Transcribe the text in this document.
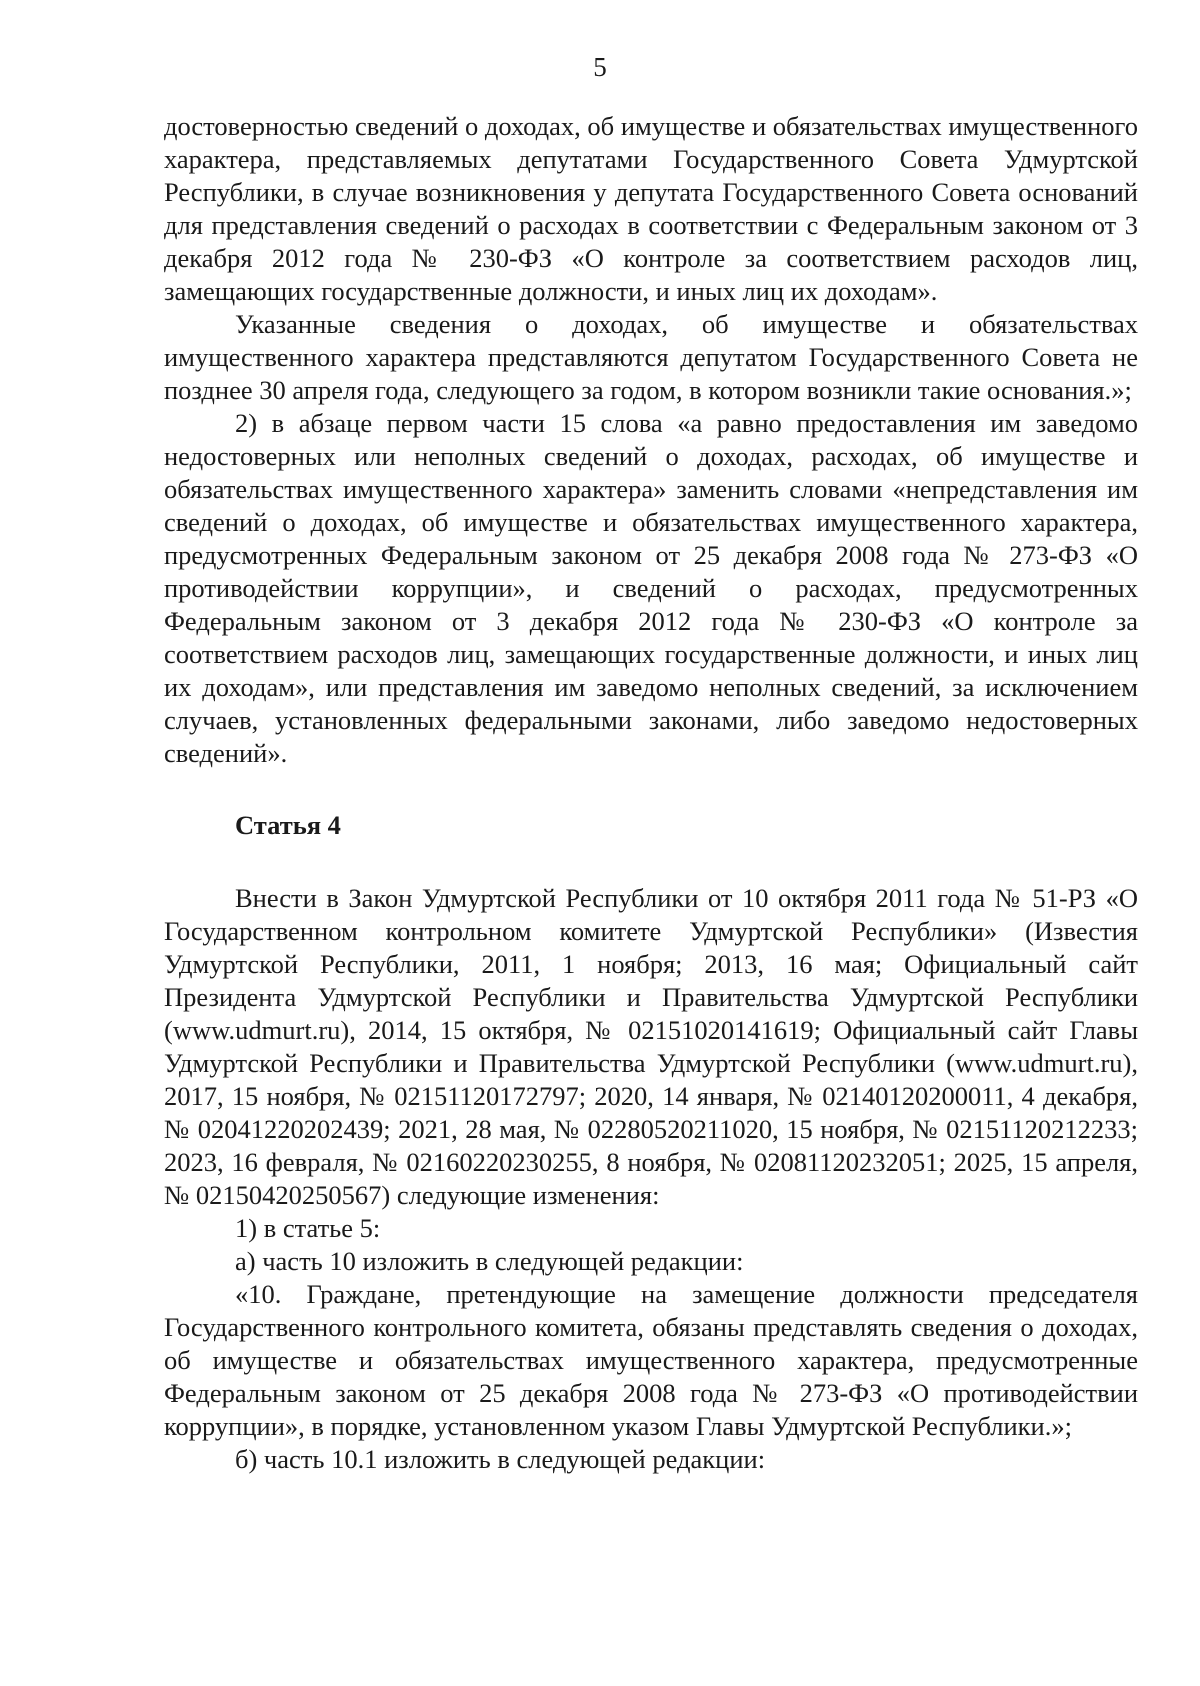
5

достоверностью сведений о доходах, об имуществе и обязательствах имущественного характера, представляемых депутатами Государственного Совета Удмуртской Республики, в случае возникновения у депутата Государственного Совета оснований для представления сведений о расходах в соответствии с Федеральным законом от 3 декабря 2012 года № 230-ФЗ «О контроле за соответствием расходов лиц, замещающих государственные должности, и иных лиц их доходам».

Указанные сведения о доходах, об имуществе и обязательствах имущественного характера представляются депутатом Государственного Совета не позднее 30 апреля года, следующего за годом, в котором возникли такие основания.»;

2) в абзаце первом части 15 слова «а равно предоставления им заведомо недостоверных или неполных сведений о доходах, расходах, об имуществе и обязательствах имущественного характера» заменить словами «непредставления им сведений о доходах, об имуществе и обязательствах имущественного характера, предусмотренных Федеральным законом от 25 декабря 2008 года № 273-ФЗ «О противодействии коррупции», и сведений о расходах, предусмотренных Федеральным законом от 3 декабря 2012 года № 230-ФЗ «О контроле за соответствием расходов лиц, замещающих государственные должности, и иных лиц их доходам», или представления им заведомо неполных сведений, за исключением случаев, установленных федеральными законами, либо заведомо недостоверных сведений».

Статья 4

Внести в Закон Удмуртской Республики от 10 октября 2011 года № 51-РЗ «О Государственном контрольном комитете Удмуртской Республики» (Известия Удмуртской Республики, 2011, 1 ноября; 2013, 16 мая; Официальный сайт Президента Удмуртской Республики и Правительства Удмуртской Республики (www.udmurt.ru), 2014, 15 октября, № 02151020141619; Официальный сайт Главы Удмуртской Республики и Правительства Удмуртской Республики (www.udmurt.ru), 2017, 15 ноября, № 02151120172797; 2020, 14 января, № 02140120200011, 4 декабря, № 02041220202439; 2021, 28 мая, № 02280520211020, 15 ноября, № 02151120212233; 2023, 16 февраля, № 02160220230255, 8 ноября, № 02081120232051; 2025, 15 апреля, № 02150420250567) следующие изменения:

1) в статье 5:

а) часть 10 изложить в следующей редакции:

«10. Граждане, претендующие на замещение должности председателя Государственного контрольного комитета, обязаны представлять сведения о доходах, об имуществе и обязательствах имущественного характера, предусмотренные Федеральным законом от 25 декабря 2008 года № 273-ФЗ «О противодействии коррупции», в порядке, установленном указом Главы Удмуртской Республики.»;

б) часть 10.1 изложить в следующей редакции:
